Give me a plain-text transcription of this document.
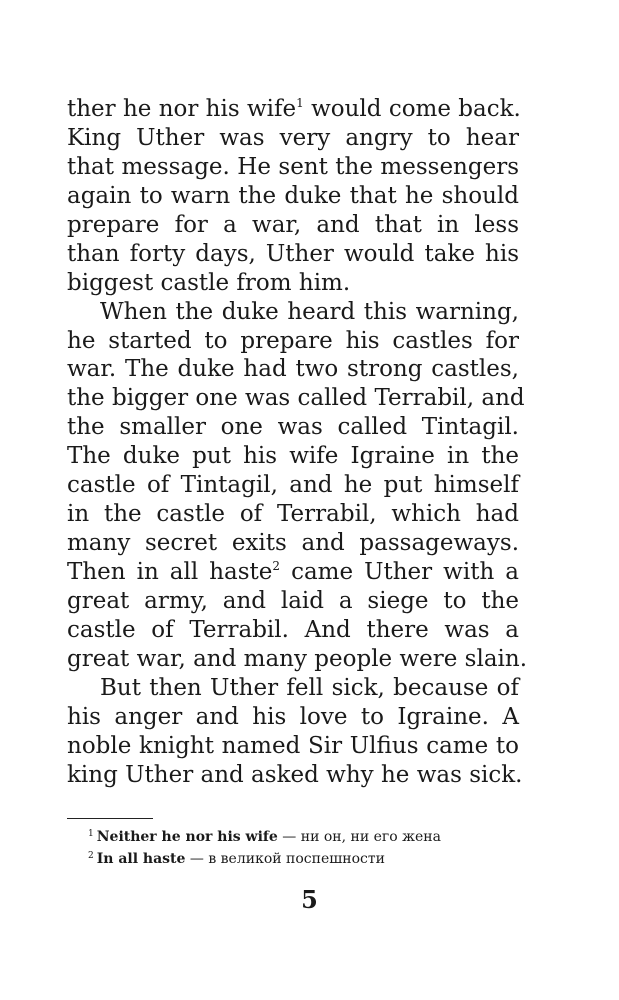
ther he nor his wife$^1$ would come back.
King Uther was very angry to hear
that message. He sent the messengers
again to warn the duke that he should
prepare for a war, and that in less
than forty days, Uther would take his
biggest castle from him.
When the duke heard this warning,
he started to prepare his castles for
war. The duke had two strong castles,
the bigger one was called Terrabil, and
the smaller one was called Tintagil.
The duke put his wife Igraine in the
castle of Tintagil, and he put himself
in the castle of Terrabil, which had
many secret exits and passageways.
Then in all haste$^2$ came Uther with a
great army, and laid a siege to the
castle of Terrabil. And there was a
great war, and many people were slain.
But then Uther fell sick, because of
his anger and his love to Igraine. A
noble knight named Sir Ulfius came to
king Uther and asked why he was sick.
$^1$ Neither he nor his wife — ни он, ни его жена
$^2$ In all haste — в великой поспешности
5
